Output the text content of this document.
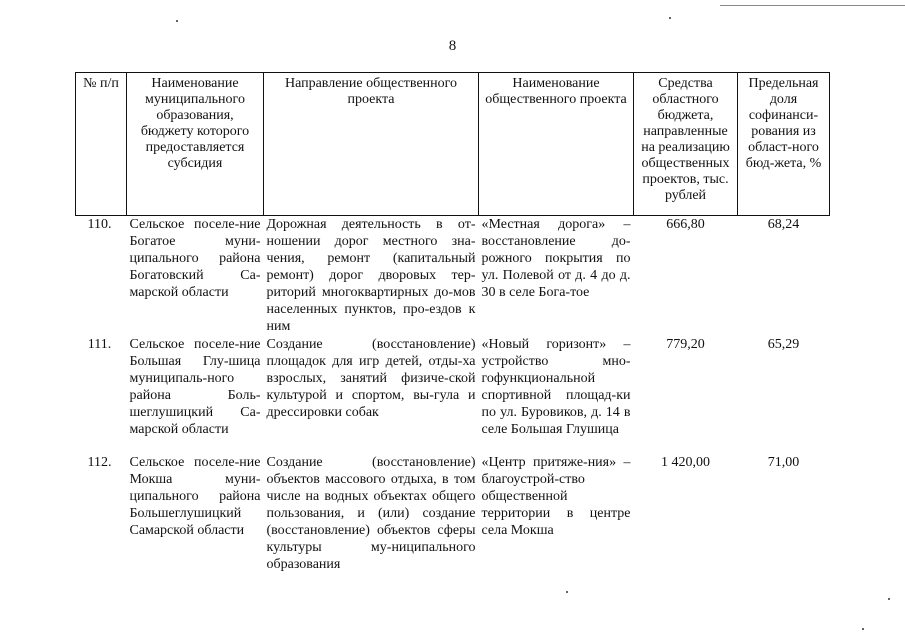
8
№ п/п	Наименование муниципального образования, бюджету которого предоставляется субсидия	Направление общественного проекта	Наименование общественного проекта	Средства областного бюджета, направленные на реализацию общественных проектов, тыс. рублей	Предельная доля софинанси-рования из област-ного бюд-жета, %
110.	Сельское поселе-ние Богатое муни-ципального района Богатовский Са-марской области	Дорожная деятельность в от-ношении дорог местного зна-чения, ремонт (капитальный ремонт) дорог дворовых тер-риторий многоквартирных до-мов населенных пунктов, про-ездов к ним	«Местная дорога» – восстановление до-рожного покрытия по ул. Полевой от д. 4 до д. 30 в селе Бога-тое	666,80	68,24
111.	Сельское поселе-ние Большая Глу-шица муниципаль-ного района Боль-шеглушицкий Са-марской области	Создание (восстановление) площадок для игр детей, отды-ха взрослых, занятий физиче-ской культурой и спортом, вы-гула и дрессировки собак	«Новый горизонт» – устройство мно-гофункциональной спортивной площад-ки по ул. Буровиков, д. 14 в селе Большая Глушица	779,20	65,29
112.	Сельское поселе-ние Мокша муни-ципального района Большеглушицкий Самарской области	Создание (восстановление) объектов массового отдыха, в том числе на водных объектах общего пользования, и (или) создание (восстановление) объектов сферы культуры му-ниципального образования	«Центр притяже-ния» – благоустрой-ство общественной территории в центре села Мокша	1 420,00	71,00
